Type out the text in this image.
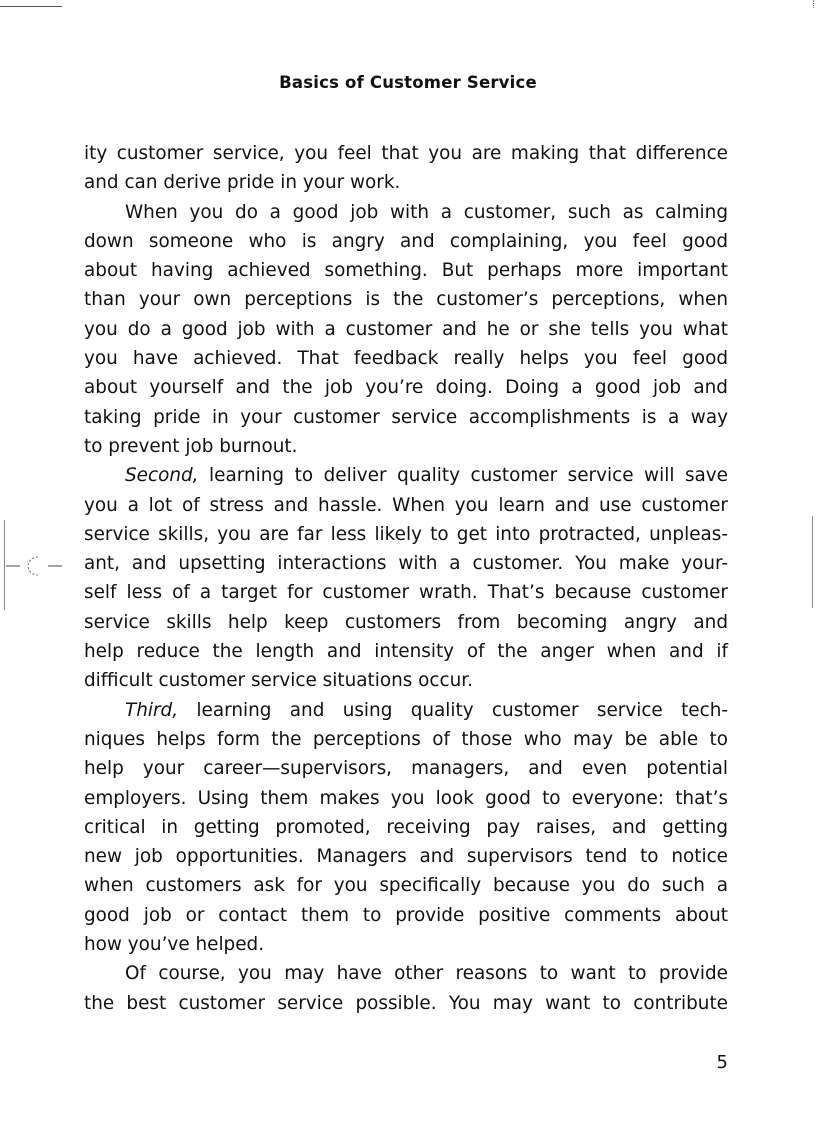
Basics of Customer Service
ity customer service, you feel that you are making that difference
and can derive pride in your work.
When you do a good job with a customer, such as calming
down someone who is angry and complaining, you feel good
about having achieved something. But perhaps more important
than your own perceptions is the customer’s perceptions, when
you do a good job with a customer and he or she tells you what
you have achieved. That feedback really helps you feel good
about yourself and the job you’re doing. Doing a good job and
taking pride in your customer service accomplishments is a way
to prevent job burnout.
Second, learning to deliver quality customer service will save
you a lot of stress and hassle. When you learn and use customer
service skills, you are far less likely to get into protracted, unpleas-
ant, and upsetting interactions with a customer. You make your-
self less of a target for customer wrath. That’s because customer
service skills help keep customers from becoming angry and
help reduce the length and intensity of the anger when and if
difficult customer service situations occur.
Third, learning and using quality customer service tech-
niques helps form the perceptions of those who may be able to
help your career—supervisors, managers, and even potential
employers. Using them makes you look good to everyone: that’s
critical in getting promoted, receiving pay raises, and getting
new job opportunities. Managers and supervisors tend to notice
when customers ask for you specifically because you do such a
good job or contact them to provide positive comments about
how you’ve helped.
Of course, you may have other reasons to want to provide
the best customer service possible. You may want to contribute
5
